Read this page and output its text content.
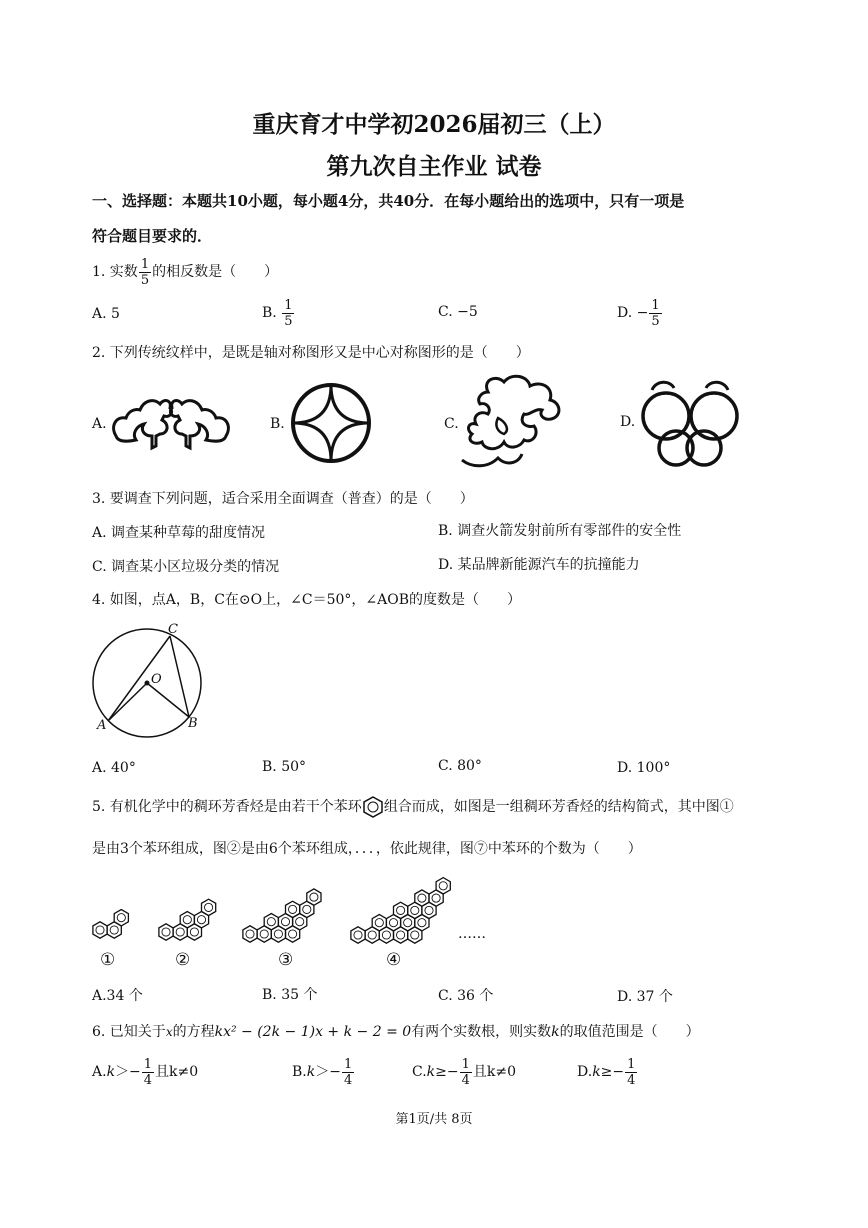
重庆育才中学初2026届初三（上）
第九次自主作业 试卷
一、选择题：本题共10小题，每小题4分，共40分．在每小题给出的选项中，只有一项是
符合题目要求的．
1. 实数 $\frac{1}{5}$ 的相反数是（　　）
A. 5	B. $\frac{1}{5}$	C. −5	D. − $\frac{1}{5}$
2. 下列传统纹样中，是既是轴对称图形又是中心对称图形的是（　　）
A.	B.	C.	D.
3. 要调查下列问题，适合采用全面调查（普查）的是（　　）
A. 调查某种草莓的甜度情况	B. 调查火箭发射前所有零部件的安全性
C. 调查某小区垃圾分类的情况	D. 某品牌新能源汽车的抗撞能力
4. 如图，点A，B，C在⊙O上，∠C＝50°，∠AOB的度数是（　　）
C
O
A	B
A. 40°	B. 50°	C. 80°	D. 100°
5. 有机化学中的稠环芳香烃是由若干个苯环 组合而成，如图是一组稠环芳香烃的结构简式，其中图①
是由3个苯环组成，图②是由6个苯环组成，．．．，依此规律，图⑦中苯环的个数为（　　）
①	②	③	④
……
A.34 个	B. 35 个	C. 36 个	D. 37 个
6. 已知关于x的方程kx² − (2k − 1)x + k − 2 = 0有两个实数根，则实数k的取值范围是（　　）
$A.k>- \frac{1}{4}$ 且k≠0	$B.k>- \frac{1}{4}$	$C.k\ge- \frac{1}{4}$ 且k≠0	$D.k\ge- \frac{1}{4}$
第1页/共 8页
